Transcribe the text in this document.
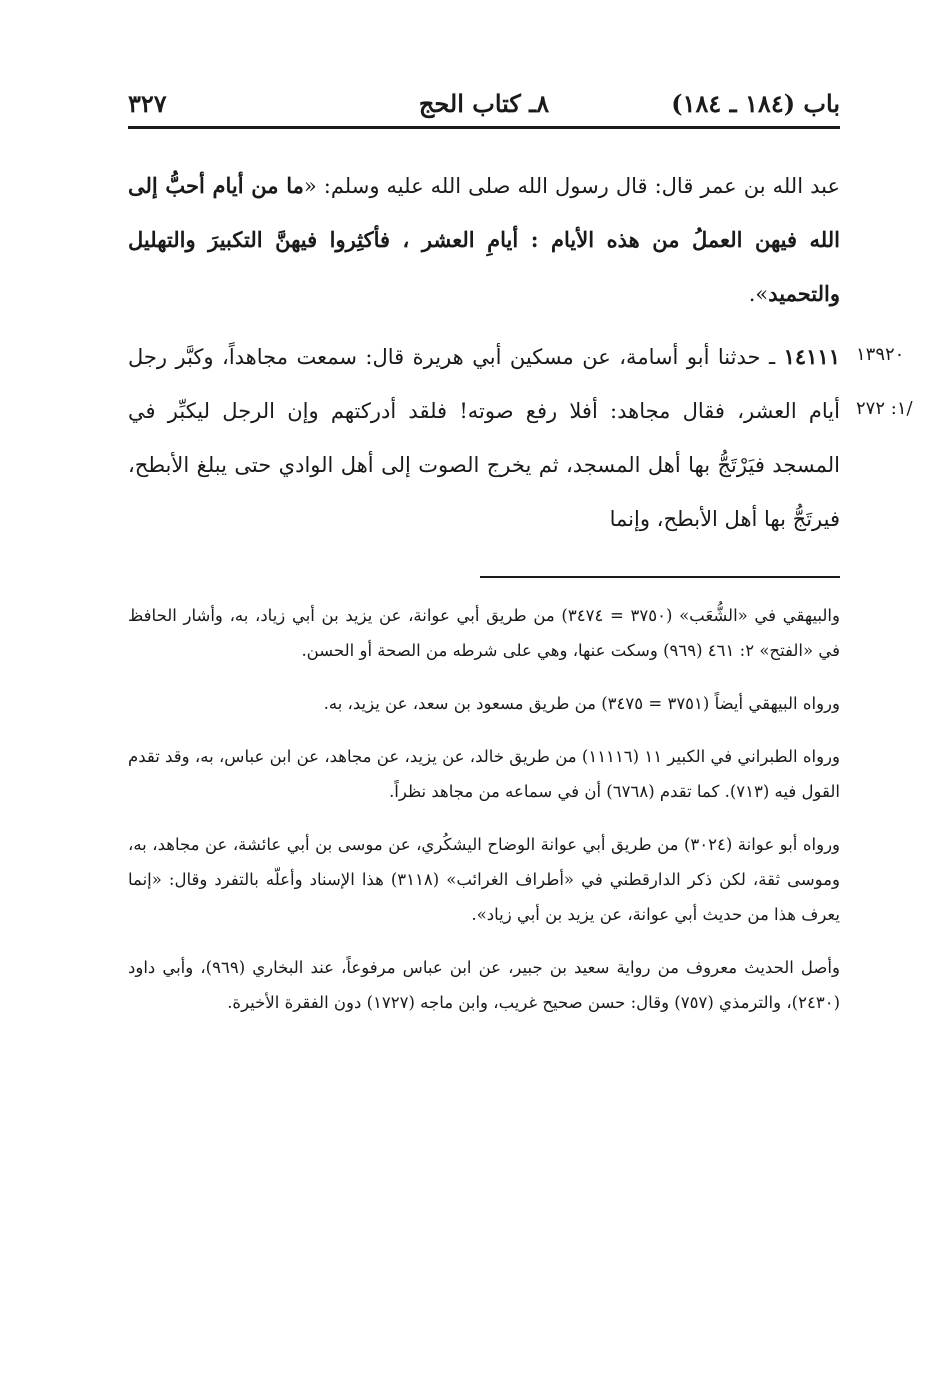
باب (١٨٤ ـ ١٨٤)
٨ـ كتاب الحج
٣٢٧

عبد الله بن عمر قال: قال رسول الله صلى الله عليه وسلم: «ما من أيام أحبُّ إلى الله فيهن العملُ من هذه الأيام : أيامِ العشر ، فأكثِروا فيهنَّ التكبيرَ والتهليل والتحميد».

١٣٩٢٠
/١: ٢٧٢

١٤١١١ ـ حدثنا أبو أسامة، عن مسكين أبي هريرة قال: سمعت مجاهداً، وكبَّر رجل أيام العشر، فقال مجاهد: أفلا رفع صوته! فلقد أدركتهم وإن الرجل ليكبِّر في المسجد فيَرْتَجُّ بها أهل المسجد، ثم يخرج الصوت إلى أهل الوادي حتى يبلغ الأبطح، فيرتَجُّ بها أهل الأبطح، وإنما

والبيهقي في «الشُّعَب» (٣٧٥٠ = ٣٤٧٤) من طريق أبي عوانة، عن يزيد بن أبي زياد، به، وأشار الحافظ في «الفتح» ٢: ٤٦١ (٩٦٩) وسكت عنها، وهي على شرطه من الصحة أو الحسن.

ورواه البيهقي أيضاً (٣٧٥١ = ٣٤٧٥) من طريق مسعود بن سعد، عن يزيد، به.

ورواه الطبراني في الكبير ١١ (١١١١٦) من طريق خالد، عن يزيد، عن مجاهد، عن ابن عباس، به، وقد تقدم القول فيه (٧١٣). كما تقدم (٦٧٦٨) أن في سماعه من مجاهد نظراً.

ورواه أبو عوانة (٣٠٢٤) من طريق أبي عوانة الوضاح اليشكُري، عن موسى بن أبي عائشة، عن مجاهد، به، وموسى ثقة، لكن ذكر الدارقطني في «أطراف الغرائب» (٣١١٨) هذا الإسناد وأعلّه بالتفرد وقال: «إنما يعرف هذا من حديث أبي عوانة، عن يزيد بن أبي زياد».

وأصل الحديث معروف من رواية سعيد بن جبير، عن ابن عباس مرفوعاً، عند البخاري (٩٦٩)، وأبي داود (٢٤٣٠)، والترمذي (٧٥٧) وقال: حسن صحيح غريب، وابن ماجه (١٧٢٧) دون الفقرة الأخيرة.
